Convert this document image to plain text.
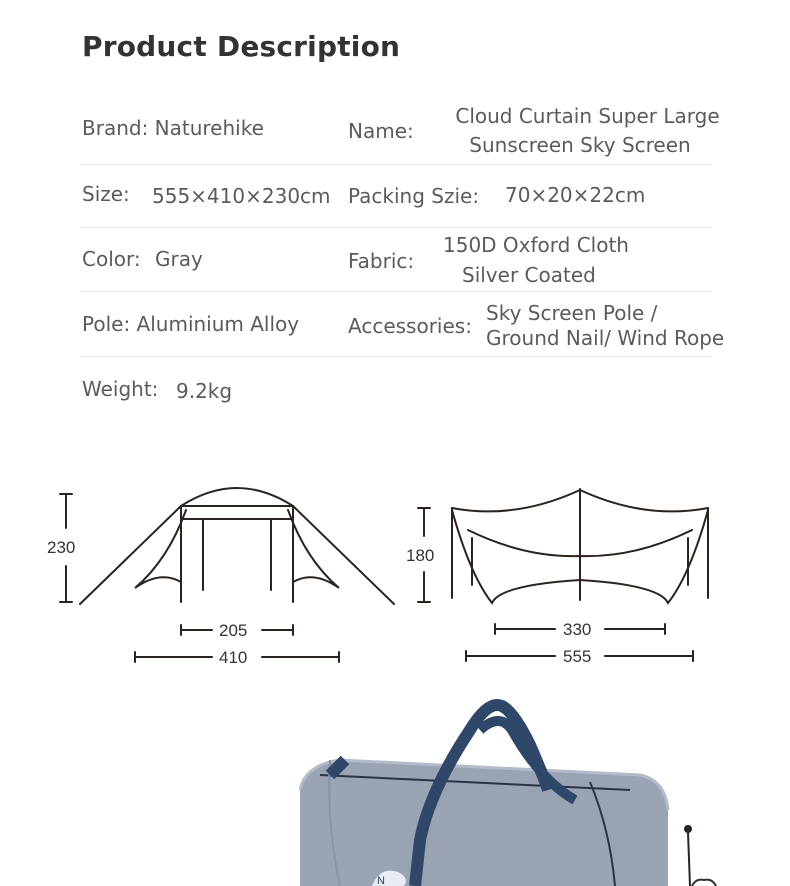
Product Description
Brand: Naturehike	Name:
Cloud Curtain Super Large
Sunscreen Sky Screen
Size: 555×410×230cm Packing Szie: 70×20×22cm
Color: Gray	Fabric:
150D Oxford Cloth
Silver Coated
Pole: Aluminium Alloy Accessories:
Sky Screen Pole /
Ground Nail/ Wind Rope
Weight: 9.2kg
230
205
410
180
330
555
N
